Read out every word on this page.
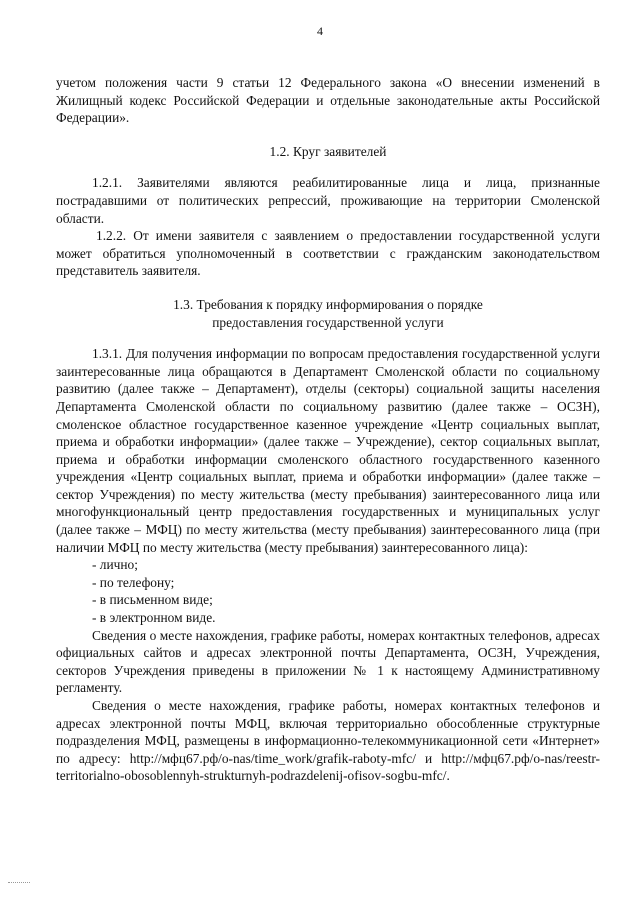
4

учетом положения части 9 статьи 12 Федерального закона «О внесении изменений в Жилищный кодекс Российской Федерации и отдельные законодательные акты Российской Федерации».

1.2. Круг заявителей

1.2.1. Заявителями являются реабилитированные лица и лица, признанные пострадавшими от политических репрессий, проживающие на территории Смоленской области.

1.2.2. От имени заявителя с заявлением о предоставлении государственной услуги может обратиться уполномоченный в соответствии с гражданским законодательством представитель заявителя.

1.3. Требования к порядку информирования о порядке
предоставления государственной услуги

1.3.1. Для получения информации по вопросам предоставления государственной услуги заинтересованные лица обращаются в Департамент Смоленской области по социальному развитию (далее также – Департамент), отделы (секторы) социальной защиты населения Департамента Смоленской области по социальному развитию (далее также – ОСЗН), смоленское областное государственное казенное учреждение «Центр социальных выплат, приема и обработки информации» (далее также – Учреждение), сектор социальных выплат, приема и обработки информации смоленского областного государственного казенного учреждения «Центр социальных выплат, приема и обработки информации» (далее также – сектор Учреждения) по месту жительства (месту пребывания) заинтересованного лица или многофункциональный центр предоставления государственных и муниципальных услуг (далее также – МФЦ) по месту жительства (месту пребывания) заинтересованного лица (при наличии МФЦ по месту жительства (месту пребывания) заинтересованного лица):

- лично;

- по телефону;

- в письменном виде;

- в электронном виде.

Сведения о месте нахождения, графике работы, номерах контактных телефонов, адресах официальных сайтов и адресах электронной почты Департамента, ОСЗН, Учреждения, секторов Учреждения приведены в приложении № 1 к настоящему Административному регламенту.

Сведения о месте нахождения, графике работы, номерах контактных телефонов и адресах электронной почты МФЦ, включая территориально обособленные структурные подразделения МФЦ, размещены в информационно-телекоммуникационной сети «Интернет» по адресу: http://мфц67.рф/o-nas/time_work/grafik-raboty-mfc/ и http://мфц67.рф/o-nas/reestr-territorialno-obosoblennyh-strukturnyh-podrazdelenij-ofisov-sogbu-mfc/.
